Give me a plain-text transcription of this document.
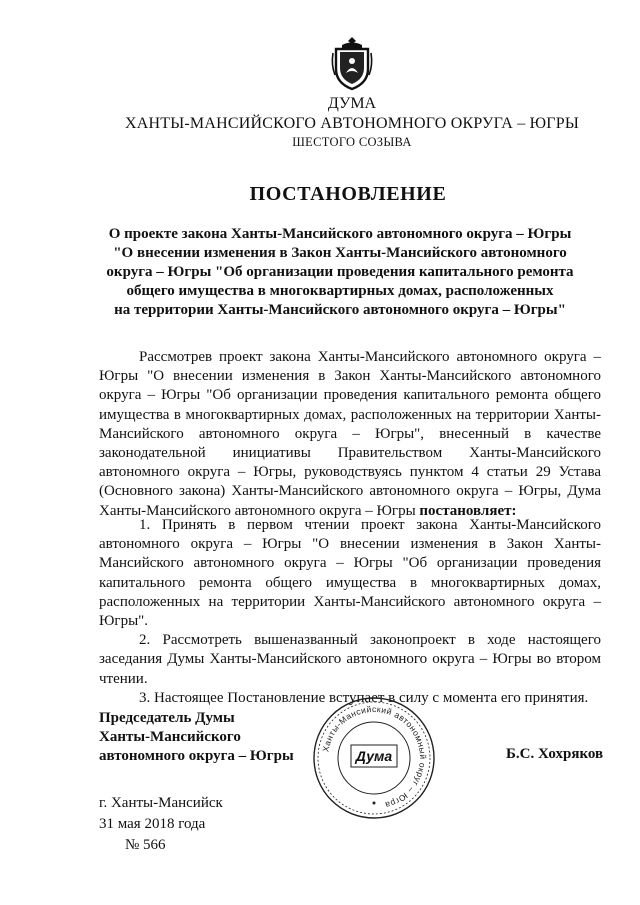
ДУМА
ХАНТЫ-МАНСИЙСКОГО АВТОНОМНОГО ОКРУГА – ЮГРЫ
ШЕСТОГО СОЗЫВА
ПОСТАНОВЛЕНИЕ
О проекте закона Ханты-Мансийского автономного округа – Югры
"О внесении изменения в Закон Ханты-Мансийского автономного
округа – Югры "Об организации проведения капитального ремонта
общего имущества в многоквартирных домах, расположенных
на территории Ханты-Мансийского автономного округа – Югры"

Рассмотрев проект закона Ханты-Мансийского автономного округа – Югры "О внесении изменения в Закон Ханты-Мансийского автономного округа – Югры "Об организации проведения капитального ремонта общего имущества в многоквартирных домах, расположенных на территории Ханты-Мансийского автономного округа – Югры", внесенный в качестве законодательной инициативы Правительством Ханты-Мансийского автономного округа – Югры, руководствуясь пунктом 4 статьи 29 Устава (Основного закона) Ханты-Мансийского автономного округа – Югры, Дума Ханты-Мансийского автономного округа – Югры постановляет:

1. Принять в первом чтении проект закона Ханты-Мансийского автономного округа – Югры "О внесении изменения в Закон Ханты-Мансийского автономного округа – Югры "Об организации проведения капитального ремонта общего имущества в многоквартирных домах, расположенных на территории Ханты-Мансийского автономного округа – Югры".

2. Рассмотреть вышеназванный законопроект в ходе настоящего заседания Думы Ханты-Мансийского автономного округа – Югры во втором чтении.

3. Настоящее Постановление вступает в силу с момента его принятия.

Председатель Думы
Ханты-Мансийского
автономного округа – Югры	Ханты-Мансийский автономный округ – Югра
Дума	Б.С. Хохряков
г. Ханты-Мансийск
31 мая 2018 года
№ 566
